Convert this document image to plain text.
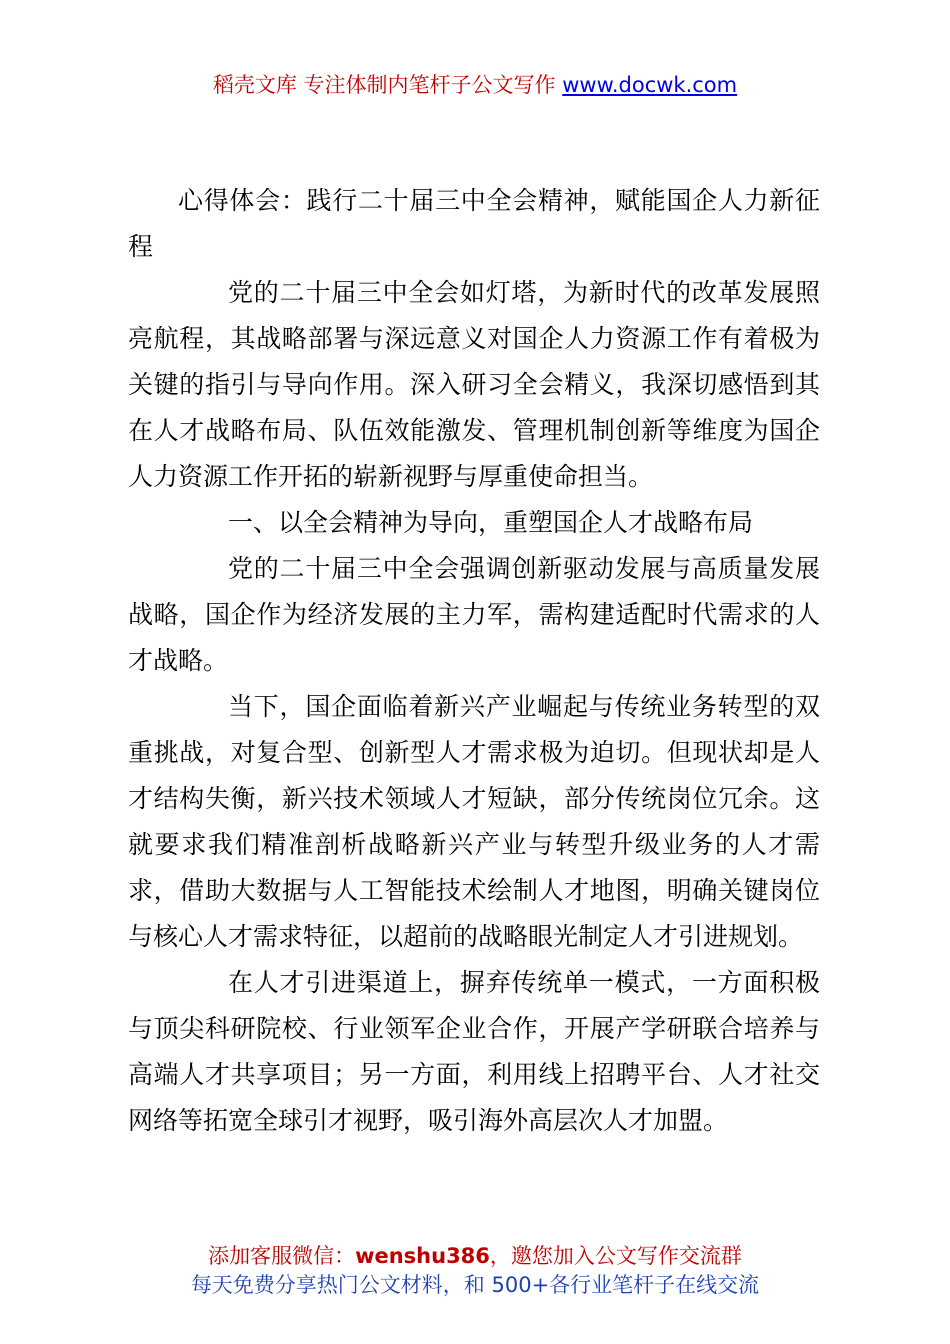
稻壳文库 专注体制内笔杆子公文写作 www.docwk.com

心得体会：践行二十届三中全会精神，赋能国企人力新征程

党的二十届三中全会如灯塔，为新时代的改革发展照亮航程，其战略部署与深远意义对国企人力资源工作有着极为关键的指引与导向作用。深入研习全会精义，我深切感悟到其在人才战略布局、队伍效能激发、管理机制创新等维度为国企人力资源工作开拓的崭新视野与厚重使命担当。

一、以全会精神为导向，重塑国企人才战略布局

党的二十届三中全会强调创新驱动发展与高质量发展战略，国企作为经济发展的主力军，需构建适配时代需求的人才战略。

当下，国企面临着新兴产业崛起与传统业务转型的双重挑战，对复合型、创新型人才需求极为迫切。但现状却是人才结构失衡，新兴技术领域人才短缺，部分传统岗位冗余。这就要求我们精准剖析战略新兴产业与转型升级业务的人才需求，借助大数据与人工智能技术绘制人才地图，明确关键岗位与核心人才需求特征，以超前的战略眼光制定人才引进规划。

在人才引进渠道上，摒弃传统单一模式，一方面积极与顶尖科研院校、行业领军企业合作，开展产学研联合培养与高端人才共享项目；另一方面，利用线上招聘平台、人才社交网络等拓宽全球引才视野，吸引海外高层次人才加盟。

添加客服微信：wenshu386，邀您加入公文写作交流群
每天免费分享热门公文材料，和 500+各行业笔杆子在线交流
